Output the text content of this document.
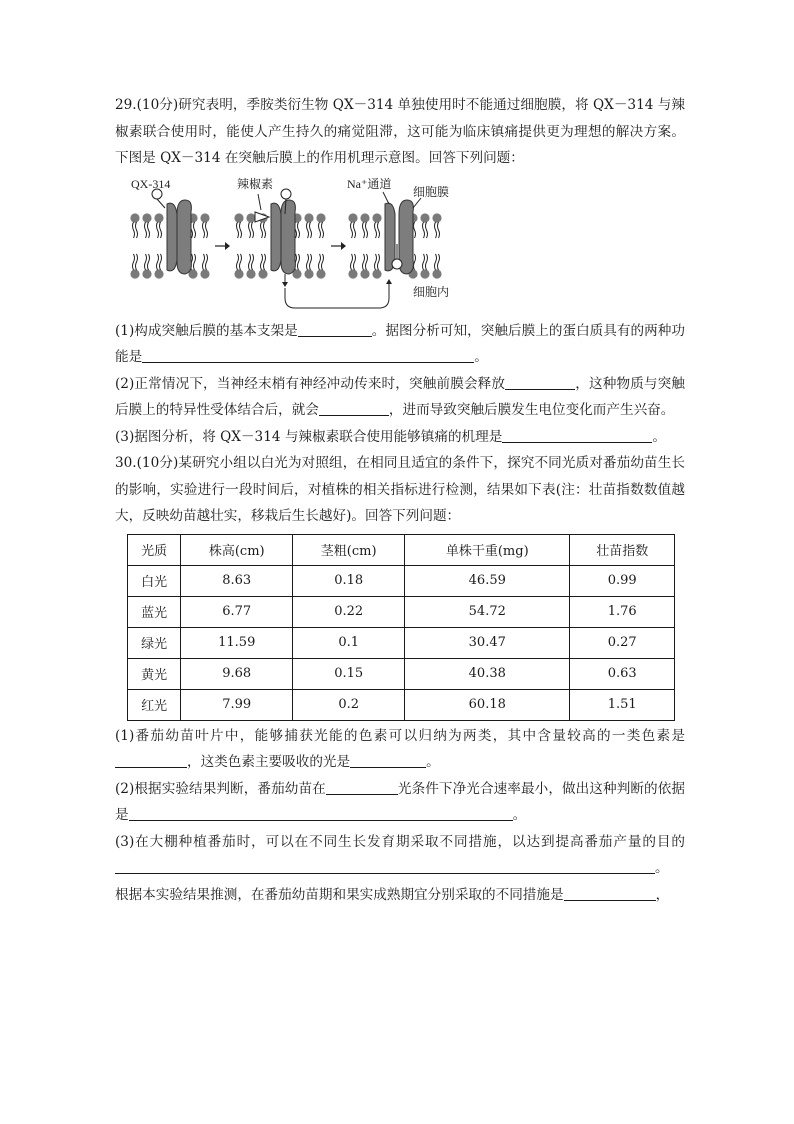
29.(10分)研究表明，季胺类衍生物 QX－314 单独使用时不能通过细胞膜，将 QX－314 与辣椒素联合使用时，能使人产生持久的痛觉阻滞，这可能为临床镇痛提供更为理想的解决方案。下图是 QX－314 在突触后膜上的作用机理示意图。回答下列问题：

QX-314	辣椒素	Na⁺通道
细胞膜
细胞内

(1)构成突触后膜的基本支架是	。据图分析可知，突触后膜上的蛋白质具有的两种功能是	。

(2)正常情况下，当神经末梢有神经冲动传来时，突触前膜会释放	，这种物质与突触后膜上的特异性受体结合后，就会	，进而导致突触后膜发生电位变化而产生兴奋。

(3)据图分析，将 QX－314 与辣椒素联合使用能够镇痛的机理是	。

30.(10分)某研究小组以白光为对照组，在相同且适宜的条件下，探究不同光质对番茄幼苗生长的影响，实验进行一段时间后，对植株的相关指标进行检测，结果如下表(注：壮苗指数数值越大，反映幼苗越壮实，移栽后生长越好)。回答下列问题：

光质	株高(cm)	茎粗(cm)	单株干重(mg)	壮苗指数
白光	8.63	0.18	46.59	0.99
蓝光	6.77	0.22	54.72	1.76
绿光	11.59	0.1	30.47	0.27
黄光	9.68	0.15	40.38	0.63
红光	7.99	0.2	60.18	1.51

(1)番茄幼苗叶片中，能够捕获光能的色素可以归纳为两类，其中含量较高的一类色素是，这类色素主要吸收的光是	。

(2)根据实验结果判断，番茄幼苗在	光条件下净光合速率最小，做出这种判断的依据是	。

(3)在大棚种植番茄时，可以在不同生长发育期采取不同措施，以达到提高番茄产量的目的。

根据本实验结果推测，在番茄幼苗期和果实成熟期宜分别采取的不同措施是	，
